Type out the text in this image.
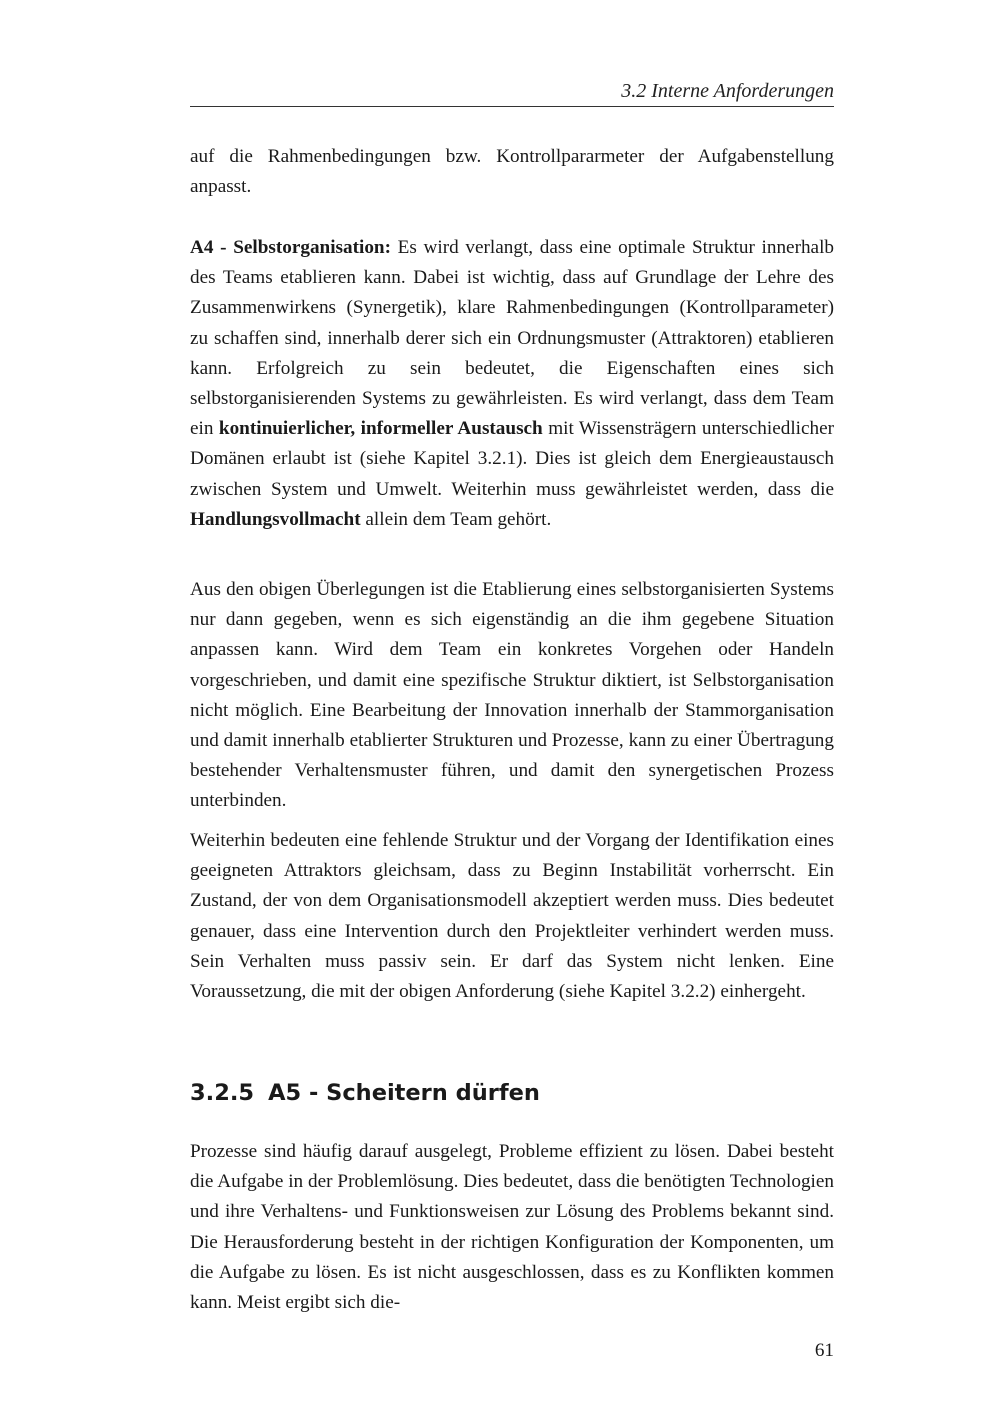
3.2 Interne Anforderungen

auf die Rahmenbedingungen bzw. Kontrollpararmeter der Aufgabenstellung anpasst.

A4 - Selbstorganisation: Es wird verlangt, dass eine optimale Struktur innerhalb des Teams etablieren kann. Dabei ist wichtig, dass auf Grundlage der Lehre des Zusammenwirkens (Synergetik), klare Rahmenbedingungen (Kontrollparameter) zu schaffen sind, innerhalb derer sich ein Ordnungsmuster (Attraktoren) etablieren kann. Erfolgreich zu sein bedeutet, die Eigenschaften eines sich selbstorganisierenden Systems zu gewährleisten. Es wird verlangt, dass dem Team ein kontinuierlicher, informeller Austausch mit Wissensträgern unterschiedlicher Domänen erlaubt ist (siehe Kapitel 3.2.1). Dies ist gleich dem Energieaustausch zwischen System und Umwelt. Weiterhin muss gewährleistet werden, dass die Handlungsvollmacht allein dem Team gehört.

Aus den obigen Überlegungen ist die Etablierung eines selbstorganisierten Systems nur dann gegeben, wenn es sich eigenständig an die ihm gegebene Situation anpassen kann. Wird dem Team ein konkretes Vorgehen oder Handeln vorgeschrieben, und damit eine spezifische Struktur diktiert, ist Selbstorganisation nicht möglich. Eine Bearbeitung der Innovation innerhalb der Stammorganisation und damit innerhalb etablierter Strukturen und Prozesse, kann zu einer Übertragung bestehender Verhaltensmuster führen, und damit den synergetischen Prozess unterbinden.

Weiterhin bedeuten eine fehlende Struktur und der Vorgang der Identifikation eines geeigneten Attraktors gleichsam, dass zu Beginn Instabilität vorherrscht. Ein Zustand, der von dem Organisationsmodell akzeptiert werden muss. Dies bedeutet genauer, dass eine Intervention durch den Projektleiter verhindert werden muss. Sein Verhalten muss passiv sein. Er darf das System nicht lenken. Eine Voraussetzung, die mit der obigen Anforderung (siehe Kapitel 3.2.2) einhergeht.

3.2.5 A5 - Scheitern dürfen

Prozesse sind häufig darauf ausgelegt, Probleme effizient zu lösen. Dabei besteht die Aufgabe in der Problemlösung. Dies bedeutet, dass die benötigten Technologien und ihre Verhaltens- und Funktionsweisen zur Lösung des Problems bekannt sind. Die Herausforderung besteht in der richtigen Konfiguration der Komponenten, um die Aufgabe zu lösen. Es ist nicht ausgeschlossen, dass es zu Konflikten kommen kann. Meist ergibt sich die-

61
